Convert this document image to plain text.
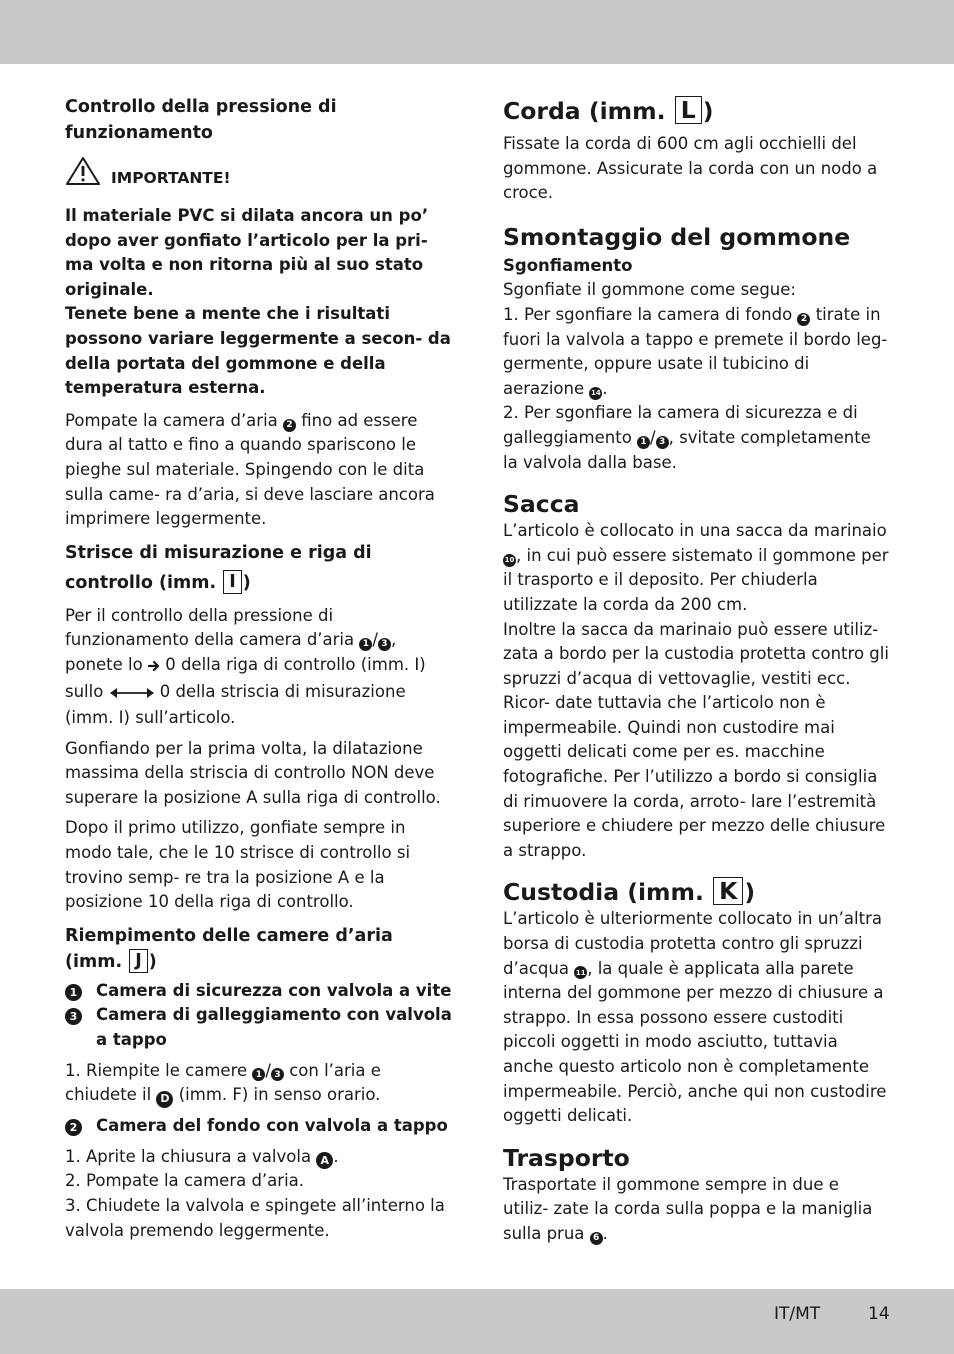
Controllo della pressione di funzionamento
IMPORTANTE!

Il materiale PVC si dilata ancora un po’ dopo aver gonfiato l’articolo per la pri- ma volta e non ritorna più al suo stato originale.

Tenete bene a mente che i risultati possono variare leggermente a secon- da della portata del gommone e della temperatura esterna.

Pompate la camera d’aria 2 fino ad essere dura al tatto e fino a quando spariscono le pieghe sul materiale. Spingendo con le dita sulla came- ra d’aria, si deve lasciare ancora imprimere leggermente.

Strisce di misurazione e riga di controllo (imm. I )

Per il controllo della pressione di funzionamento della camera d’aria 1 / 3 , ponete lo  0 della riga di controllo (imm. I) sullo	0 della striscia di misurazione (imm. I) sull’articolo.

Gonfiando per la prima volta, la dilatazione massima della striscia di controllo NON deve superare la posizione A sulla riga di controllo.

Dopo il primo utilizzo, gonfiate sempre in modo tale, che le 10 strisce di controllo si trovino semp- re tra la posizione A e la posizione 10 della riga di controllo.

Riempimento delle camere d’aria (imm. J )
1 Camera di sicurezza con valvola a vite
3 Camera di galleggiamento con valvola a tappo

1. Riempite le camere 1 / 3 con l’aria e chiudete il D (imm. F) in senso orario.

2 Camera del fondo con valvola a tappo

1. Aprite la chiusura a valvola A .

2. Pompate la camera d’aria.

3. Chiudete la valvola e spingete all’interno la valvola premendo leggermente.

Corda (imm. L )

Fissate la corda di 600 cm agli occhielli del gommone. Assicurate la corda con un nodo a croce.

Smontaggio del gommone

Sgonfiamento

Sgonfiate il gommone come segue:

1. Per sgonfiare la camera di fondo 2 tirate in fuori la valvola a tappo e premete il bordo leg- germente, oppure usate il tubicino di aerazione 14.

2. Per sgonfiare la camera di sicurezza e di galleggiamento 1 / 3 , svitate completamente la valvola dalla base.

Sacca

L’articolo è collocato in una sacca da marinaio 10, in cui può essere sistemato il gommone per il trasporto e il deposito. Per chiuderla utilizzate la corda da 200 cm.

Inoltre la sacca da marinaio può essere utiliz- zata a bordo per la custodia protetta contro gli spruzzi d’acqua di vettovaglie, vestiti ecc. Ricor- date tuttavia che l’articolo non è impermeabile. Quindi non custodire mai oggetti delicati come per es. macchine fotografiche. Per l’utilizzo a bordo si consiglia di rimuovere la corda, arroto- lare l’estremità superiore e chiudere per mezzo delle chiusure a strappo.

Custodia (imm. K )

L’articolo è ulteriormente collocato in un’altra borsa di custodia protetta contro gli spruzzi d’acqua 11, la quale è applicata alla parete interna del gommone per mezzo di chiusure a strappo. In essa possono essere custoditi piccoli oggetti in modo asciutto, tuttavia anche questo articolo non è completamente impermeabile. Perciò, anche qui non custodire oggetti delicati.

Trasporto

Trasportate il gommone sempre in due e utiliz- zate la corda sulla poppa e la maniglia sulla prua 6 .

IT/MT	14
